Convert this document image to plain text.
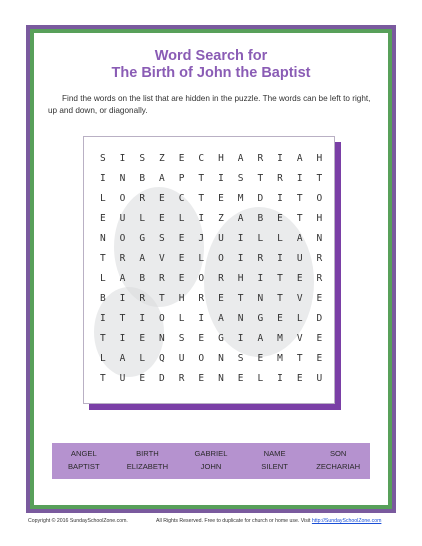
Word Search for
The Birth of John the Baptist
Find the words on the list that are hidden in the puzzle. The words can be left to right, up and down, or diagonally.
S	I	S	Z	E	C	H	A	R	I	A	H
I	N	B	A	P	T	I	S	T	R	I	T
L	O	R	E	C	T	E	M	D	I	T	O
E	U	L	E	L	I	Z	A	B	E	T	H
N	O	G	S	E	J	U	I	L	L	A	N
T	R	A	V	E	L	O	I	R	I	U	R
L	A	B	R	E	O	R	H	I	T	E	R
B	I	R	T	H	R	E	T	N	T	V	E
I	T	I	O	L	I	A	N	G	E	L	D
T	I	E	N	S	E	G	I	A	M	V	E
L	A	L	Q	U	O	N	S	E	M	T	E
T	U	E	D	R	E	N	E	L	I	E	U
ANGEL	BIRTH	GABRIEL	NAME	SON
BAPTIST	ELIZABETH	JOHN	SILENT	ZECHARIAH
Copyright © 2016 SundaySchoolZone.com.	All Rights Reserved. Free to duplicate for church or home use. Visit http://SundaySchoolZone.com
